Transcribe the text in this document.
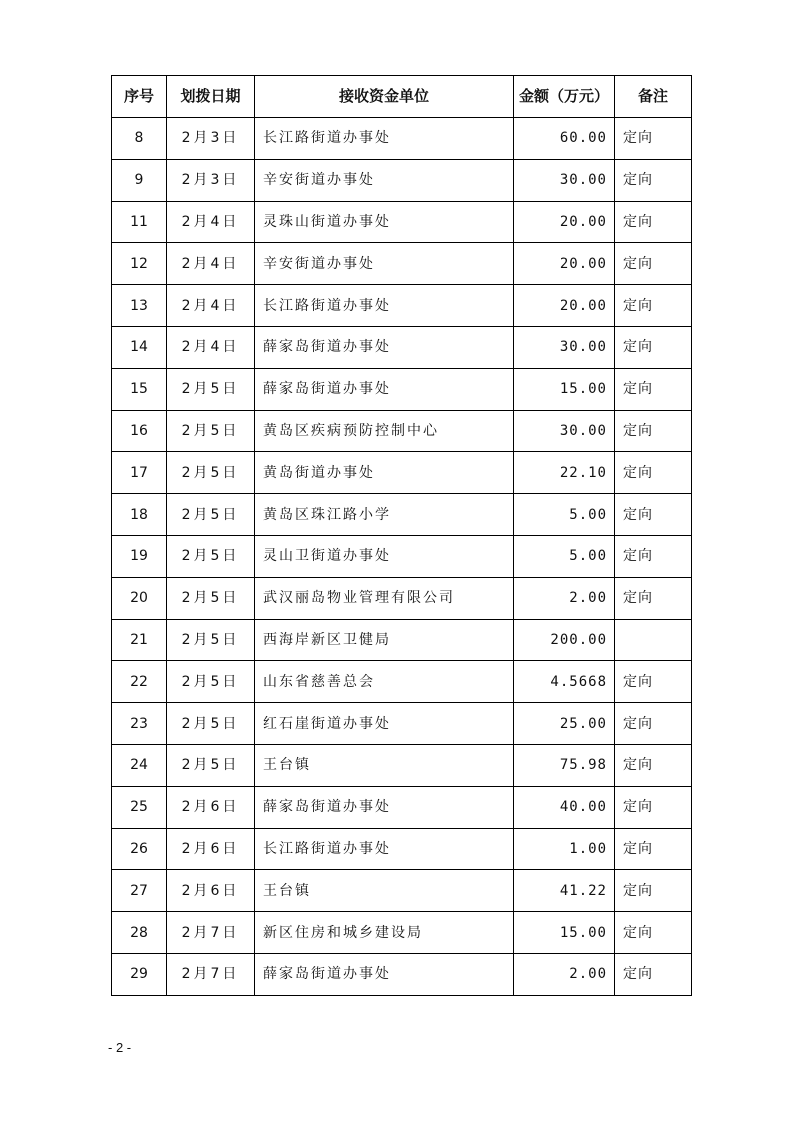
序号	划拨日期	接收资金单位	金额（万元）	备注
8	2月3日	长江路街道办事处	60.00	定向
9	2月3日	辛安街道办事处	30.00	定向
11	2月4日	灵珠山街道办事处	20.00	定向
12	2月4日	辛安街道办事处	20.00	定向
13	2月4日	长江路街道办事处	20.00	定向
14	2月4日	薛家岛街道办事处	30.00	定向
15	2月5日	薛家岛街道办事处	15.00	定向
16	2月5日	黄岛区疾病预防控制中心	30.00	定向
17	2月5日	黄岛街道办事处	22.10	定向
18	2月5日	黄岛区珠江路小学	5.00	定向
19	2月5日	灵山卫街道办事处	5.00	定向
20	2月5日	武汉丽岛物业管理有限公司	2.00	定向
21	2月5日	西海岸新区卫健局	200.00	
22	2月5日	山东省慈善总会	4.5668	定向
23	2月5日	红石崖街道办事处	25.00	定向
24	2月5日	王台镇	75.98	定向
25	2月6日	薛家岛街道办事处	40.00	定向
26	2月6日	长江路街道办事处	1.00	定向
27	2月6日	王台镇	41.22	定向
28	2月7日	新区住房和城乡建设局	15.00	定向
29	2月7日	薛家岛街道办事处	2.00	定向
- 2 -
